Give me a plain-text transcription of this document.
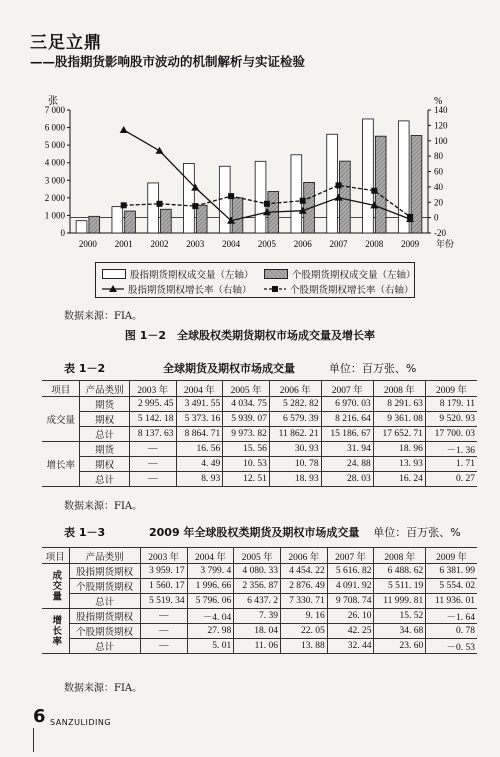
三足立鼎
——股指期货影响股市波动的机制解析与实证检验
0
1 000
2 000
3 000
4 000
5 000
6 000
7 000
张
-20
0
20
40
60
80
100
120
140
%
2000 2001 2002 2003 2004 2005 2006 2007 2008 2009 年份
股指期货期权成交量（左轴）	个股期货期权成交量（左轴）
股指期货期权增长率（右轴）	个股期货期权增长率（右轴）
数据来源：FIA。
图 1－2　全球股权类期货期权市场成交量及增长率
表 1－2	全球期货及期权市场成交量	单位：百万张、%
项目	产品类别	2003 年	2004 年	2005 年	2006 年	2007 年	2008 年	2009 年
成交量	期货	2 995. 45	3 491. 55	4 034. 75	5 282. 82	6 970. 03	8 291. 63	8 179. 11
	期权	5 142. 18	5 373. 16	5 939. 07	6 579. 39	8 216. 64	9 361. 08	9 520. 93
	总计	8 137. 63	8 864. 71	9 973. 82	11 862. 21	15 186. 67	17 652. 71	17 700. 03
增长率	期货	—	16. 56	15. 56	30. 93	31. 94	18. 96	－1. 36
	期权	—	4. 49	10. 53	10. 78	24. 88	13. 93	1. 71
	总计	—	8. 93	12. 51	18. 93	28. 03	16. 24	0. 27
数据来源：FIA。
表 1－3	2009 年全球股权类期货及期权市场成交量 单位：百万张、%
项目	产品类别	2003 年	2004 年	2005 年	2006 年	2007 年	2008 年	2009 年
成交量	股指期货期权	3 959. 17	3 799. 4	4 080. 33	4 454. 22	5 616. 82	6 488. 62	6 381. 99
	个股期货期权	1 560. 17	1 996. 66	2 356. 87	2 876. 49	4 091. 92	5 511. 19	5 554. 02
	总计	5 519. 34	5 796. 06	6 437. 2	7 330. 71	9 708. 74	11 999. 81	11 936. 01
增长率	股指期货期权	—	－4. 04	7. 39	9. 16	26. 10	15. 52	－1. 64
	个股期货期权	—	27. 98	18. 04	22. 05	42. 25	34. 68	0. 78
	总计	—	5. 01	11. 06	13. 88	32. 44	23. 60	－0. 53
数据来源：FIA。
6 SANZULIDING
